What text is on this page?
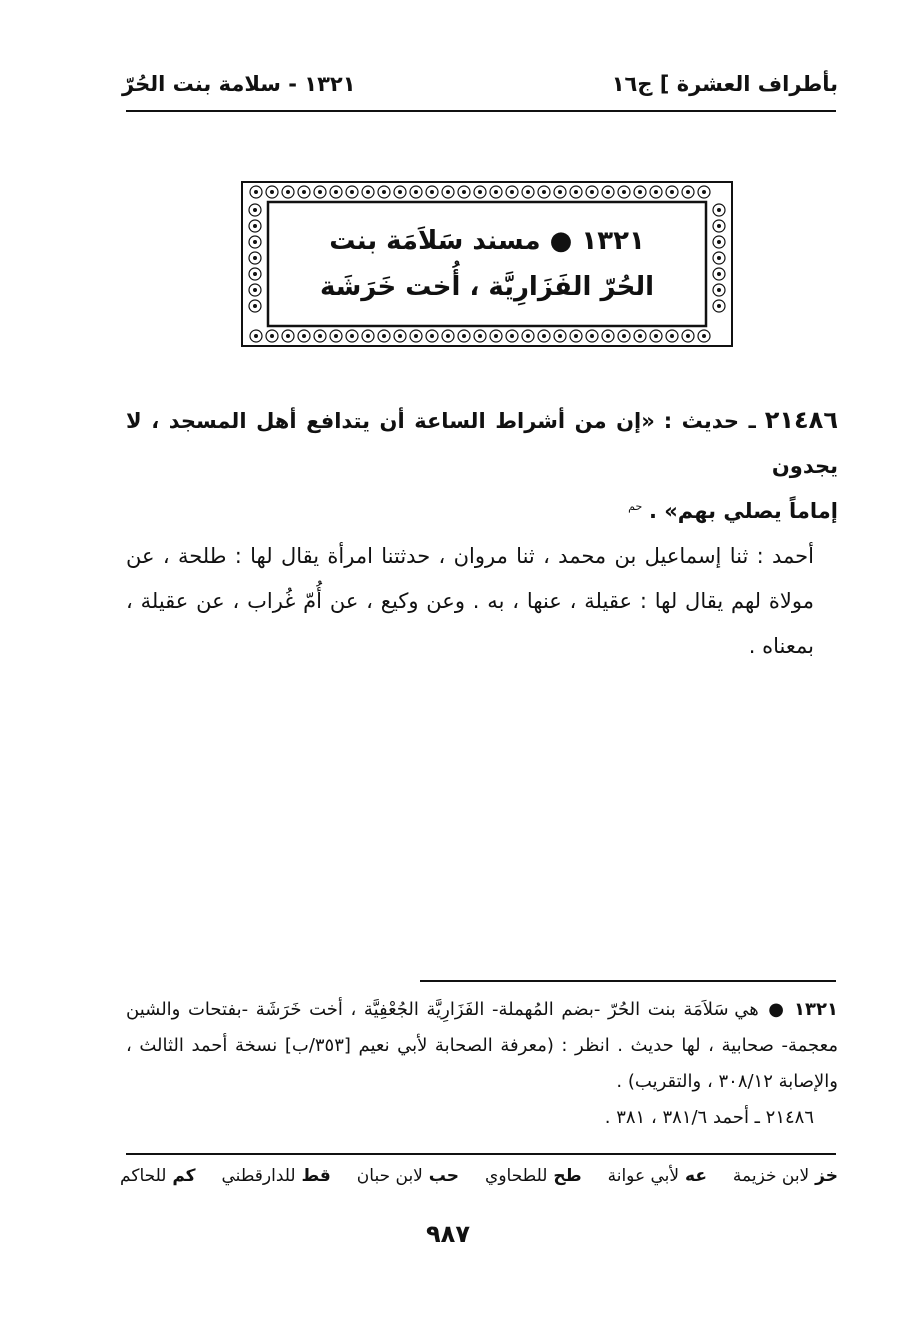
بأطراف العشرة ] ج١٦
١٣٢١ - سلامة بنت الحُرّ
١٣٢١ ● مسند سَلاَمَة بنت
الحُرّ الفَزَارِيَّة ، أُخت خَرَشَة

٢١٤٨٦ ـ حديث : «إن من أشراط الساعة أن يتدافع أهل المسجد ، لا يجدون
إماماً يصلي بهم» . $^{حم}$

أحمد : ثنا إسماعيل بن محمد ، ثنا مروان ، حدثتنا امرأة يقال لها : طلحة ، عن مولاة لهم يقال لها : عقيلة ، عنها ، به . وعن وكيع ، عن أُمّ غُراب ، عن عقيلة ، بمعناه .

١٣٢١ ● هي سَلاَمَة بنت الحُرّ -بضم المُهملة- الفَزَارِيَّة الجُعْفِيَّة ، أخت خَرَشَة -بفتحات والشين معجمة- صحابية ، لها حديث . انظر : (معرفة الصحابة لأبي نعيم [٣٥٣/ب] نسخة أحمد الثالث ، والإصابة ٣٠٨/١٢ ، والتقريب) .

٢١٤٨٦ ـ أحمد ٣٨١/٦ ، ٣٨١ .

خز لابن خزيمة
عه لأبي عوانة
طح للطحاوي
حب لابن حبان
قط للدارقطني
كم للحاكم
٩٨٧
